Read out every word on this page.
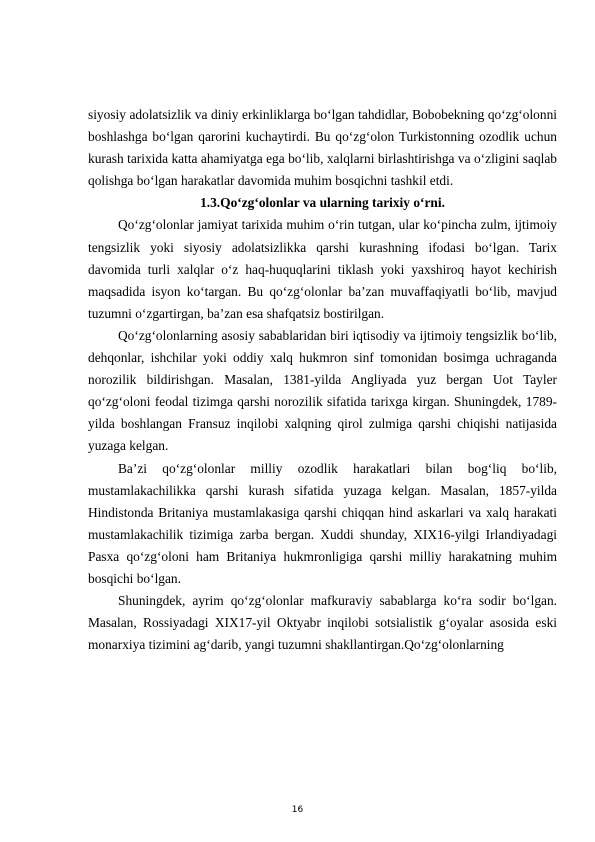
siyosiy adolatsizlik va diniy erkinliklarga bo‘lgan tahdidlar, Bobobekning qo‘zg‘olonni boshlashga bo‘lgan qarorini kuchaytirdi. Bu qo‘zg‘olon Turkistonning ozodlik uchun kurash tarixida katta ahamiyatga ega bo‘lib, xalqlarni birlashtirishga va o‘zligini saqlab qolishga bo‘lgan harakatlar davomida muhim bosqichni tashkil etdi.

1.3.Qo‘zg‘olonlar va ularning tarixiy o‘rni.

Qo‘zg‘olonlar jamiyat tarixida muhim o‘rin tutgan, ular ko‘pincha zulm, ijtimoiy tengsizlik yoki siyosiy adolatsizlikka qarshi kurashning ifodasi bo‘lgan. Tarix davomida turli xalqlar o‘z haq-huquqlarini tiklash yoki yaxshiroq hayot kechirish maqsadida isyon ko‘targan. Bu qo‘zg‘olonlar ba’zan muvaffaqiyatli bo‘lib, mavjud tuzumni o‘zgartirgan, ba’zan esa shafqatsiz bostirilgan.

Qo‘zg‘olonlarning asosiy sabablaridan biri iqtisodiy va ijtimoiy tengsizlik bo‘lib, dehqonlar, ishchilar yoki oddiy xalq hukmron sinf tomonidan bosimga uchraganda norozilik bildirishgan. Masalan, 1381-yilda Angliyada yuz bergan Uot Tayler qo‘zg‘oloni feodal tizimga qarshi norozilik sifatida tarixga kirgan. Shuningdek, 1789-yilda boshlangan Fransuz inqilobi xalqning qirol zulmiga qarshi chiqishi natijasida yuzaga kelgan.

Ba’zi qo‘zg‘olonlar milliy ozodlik harakatlari bilan bog‘liq bo‘lib, mustamlakachilikka qarshi kurash sifatida yuzaga kelgan. Masalan, 1857-yilda Hindistonda Britaniya mustamlakasiga qarshi chiqqan hind askarlari va xalq harakati mustamlakachilik tizimiga zarba bergan. Xuddi shunday, XIX16-yilgi Irlandiyadagi Pasxa qo‘zg‘oloni ham Britaniya hukmronligiga qarshi milliy harakatning muhim bosqichi bo‘lgan.

Shuningdek, ayrim qo‘zg‘olonlar mafkuraviy sabablarga ko‘ra sodir bo‘lgan. Masalan, Rossiyadagi XIX17-yil Oktyabr inqilobi sotsialistik g‘oyalar asosida eski monarxiya tizimini ag‘darib, yangi tuzumni shakllantirgan.Qo‘zg‘olonlarning

16
